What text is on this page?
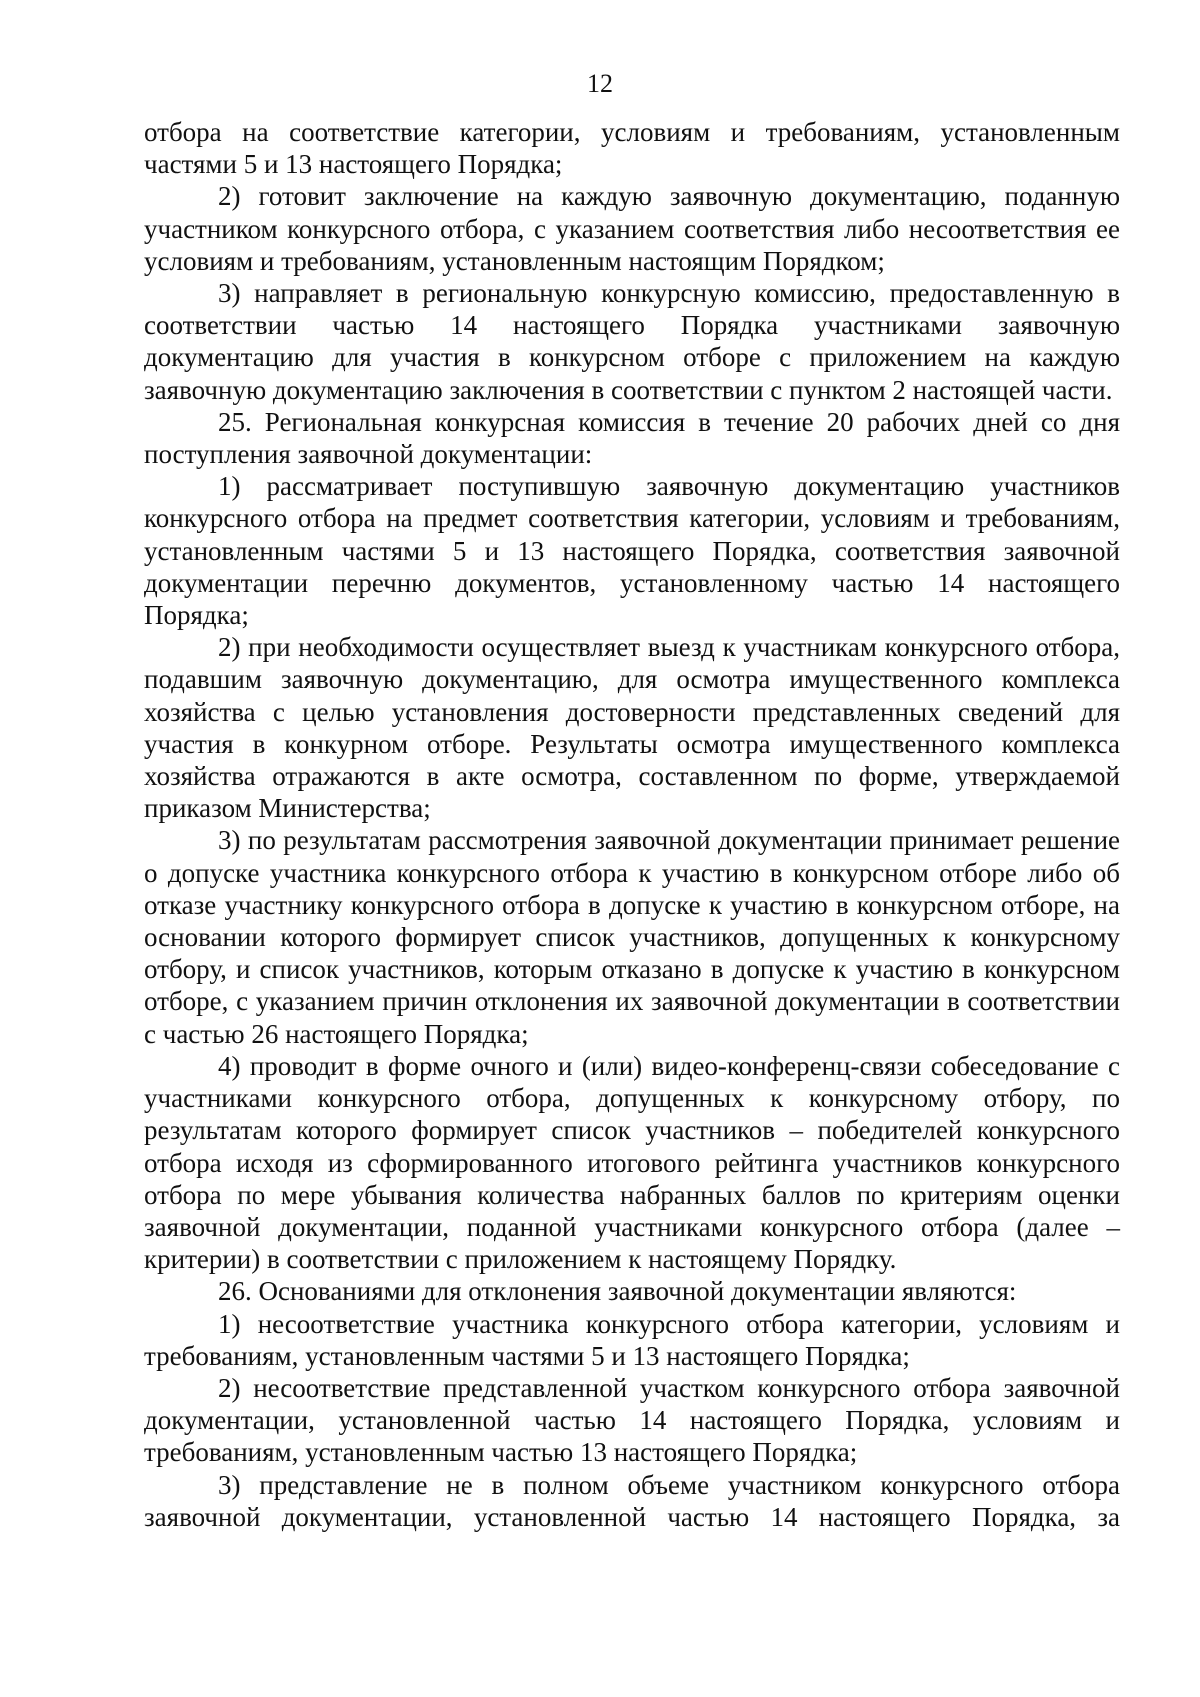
12

отбора на соответствие категории, условиям и требованиям, установленным частями 5 и 13 настоящего Порядка;

2) готовит заключение на каждую заявочную документацию, поданную участником конкурсного отбора, с указанием соответствия либо несоответствия ее условиям и требованиям, установленным настоящим Порядком;

3) направляет в региональную конкурсную комиссию, предоставленную в соответствии частью 14 настоящего Порядка участниками заявочную документацию для участия в конкурсном отборе с приложением на каждую заявочную документацию заключения в соответствии с пунктом 2 настоящей части.

25. Региональная конкурсная комиссия в течение 20 рабочих дней со дня поступления заявочной документации:

1) рассматривает поступившую заявочную документацию участников конкурсного отбора на предмет соответствия категории, условиям и требованиям, установленным частями 5 и 13 настоящего Порядка, соответствия заявочной документации перечню документов, установленному частью 14 настоящего Порядка;

2) при необходимости осуществляет выезд к участникам конкурсного отбора, подавшим заявочную документацию, для осмотра имущественного комплекса хозяйства с целью установления достоверности представленных сведений для участия в конкурном отборе. Результаты осмотра имущественного комплекса хозяйства отражаются в акте осмотра, составленном по форме, утверждаемой приказом Министерства;

3) по результатам рассмотрения заявочной документации принимает решение о допуске участника конкурсного отбора к участию в конкурсном отборе либо об отказе участнику конкурсного отбора в допуске к участию в конкурсном отборе, на основании которого формирует список участников, допущенных к конкурсному отбору, и список участников, которым отказано в допуске к участию в конкурсном отборе, с указанием причин отклонения их заявочной документации в соответствии с частью 26 настоящего Порядка;

4) проводит в форме очного и (или) видео-конференц-связи собеседование с участниками конкурсного отбора, допущенных к конкурсному отбору, по результатам которого формирует список участников – победителей конкурсного отбора исходя из сформированного итогового рейтинга участников конкурсного отбора по мере убывания количества набранных баллов по критериям оценки заявочной документации, поданной участниками конкурсного отбора (далее – критерии) в соответствии с приложением к настоящему Порядку.

26. Основаниями для отклонения заявочной документации являются:

1) несоответствие участника конкурсного отбора категории, условиям и требованиям, установленным частями 5 и 13 настоящего Порядка;

2) несоответствие представленной участком конкурсного отбора заявочной документации, установленной частью 14 настоящего Порядка, условиям и требованиям, установленным частью 13 настоящего Порядка;

3) представление не в полном объеме участником конкурсного отбора заявочной документации, установленной частью 14 настоящего Порядка, за
